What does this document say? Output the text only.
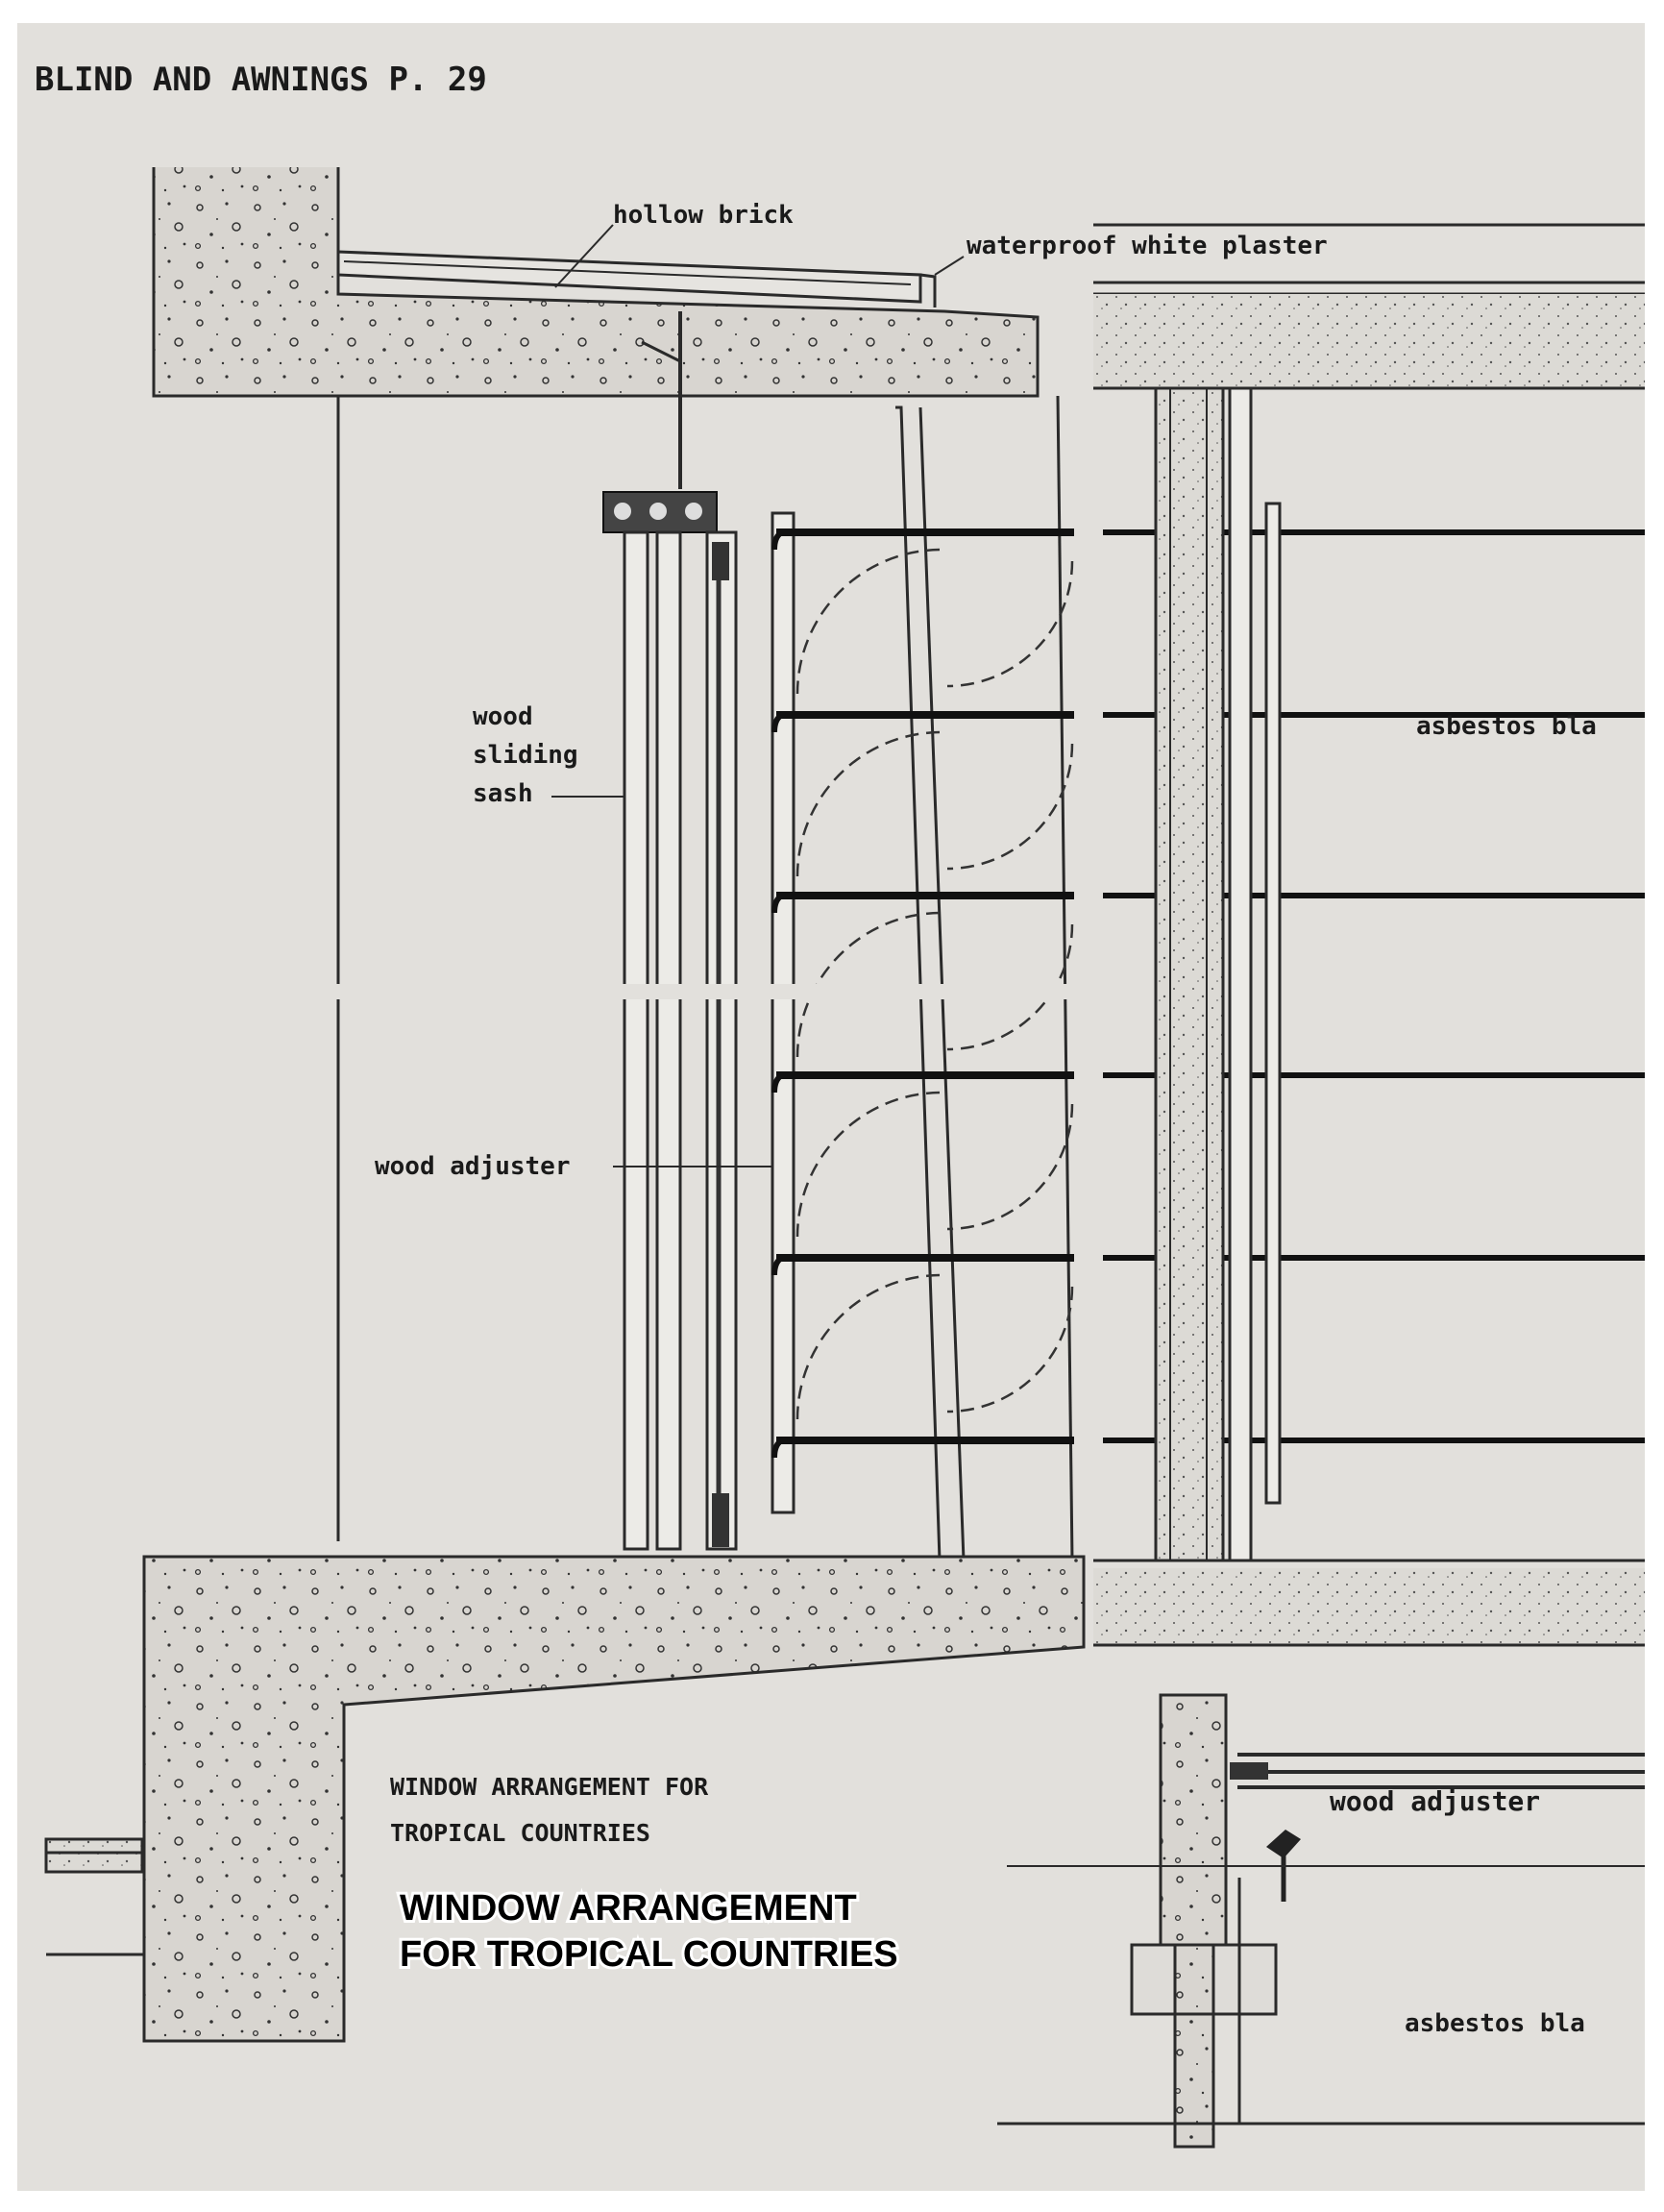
BLIND AND AWNINGS P. 29
hollow brick
waterproof white plaster
wood
sliding
sash
wood adjuster
asbestos bla
wood adjuster
asbestos bla
WINDOW ARRANGEMENT FOR
TROPICAL COUNTRIES
WINDOW ARRANGEMENT
FOR TROPICAL COUNTRIES
